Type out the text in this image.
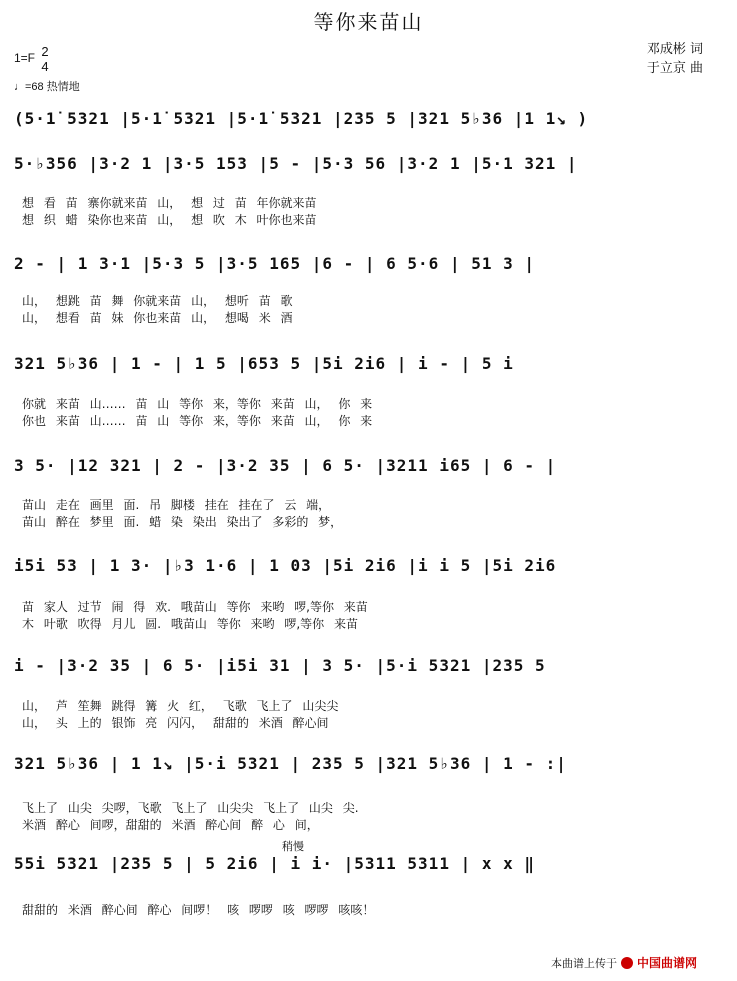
等你来苗山
1=F 2
4
♩=68 热情地
邓成彬 词
于立京 曲
(5·1̇ 5321 |5·1̇ 5321 |5·1̇ 5321 |235 5 |321 5♭36 |1 1↘ )
5·♭356 |3·2 1 |3·5 153 |5 - |5·3 56 |3·2 1 |5·1 321 |
想 看 苗 寨你就来苗 山， 想 过 苗 年你就来苗
想 织 蜡 染你也来苗 山， 想 吹 木 叶你也来苗
2 - | 1 3·1 |5·3 5 |3·5 165 |6 - | 6 5·6 | 51 3 |
山， 想跳 苗 舞 你就来苗 山， 想听 苗 歌
山， 想看 苗 妹 你也来苗 山， 想喝 米 酒
321 5♭36 | 1 - | 1 5 |653 5 |5i 2i6 | i - | 5 i
你就 来苗 山…… 苗 山 等你 来，等你 来苗 山， 你 来
你也 来苗 山…… 苗 山 等你 来，等你 来苗 山， 你 来
3 5· |12 321 | 2 - |3·2 35 | 6 5· |3211 i65 | 6 - |
苗山 走在 画里 面. 吊 脚楼 挂在 挂在了 云 端，
苗山 醉在 梦里 面. 蜡 染 染出 染出了 多彩的 梦，
i5i 53 | 1 3· |♭3 1·6 | 1 03 |5i 2i6 |i i 5 |5i 2i6
苗 家人 过节 闹 得 欢. 哦苗山 等你 来哟 啰,等你 来苗
木 叶歌 吹得 月儿 圆. 哦苗山 等你 来哟 啰,等你 来苗
i - |3·2 35 | 6 5· |i5i 31 | 3 5· |5·i 5321 |235 5
山， 芦 笙舞 跳得 篝 火 红， 飞歌 飞上了 山尖尖
山， 头 上的 银饰 亮 闪闪， 甜甜的 米酒 醉心间
321 5♭36 | 1 1↘ |5·i 5321 | 235 5 |321 5♭36 | 1 - :|
飞上了 山尖 尖啰，飞歌 飞上了 山尖尖 飞上了 山尖 尖.
米酒 醉心 间啰，甜甜的 米酒 醉心间 醉 心 间，
稍慢
55i 5321 |235 5 | 5 2i6 | i i· |5311 5311 | x x ‖
甜甜的 米酒 醉心间 醉心 间啰！ 咳 啰啰 咳 啰啰 咳咳！
本曲谱上传于 中国曲谱网
